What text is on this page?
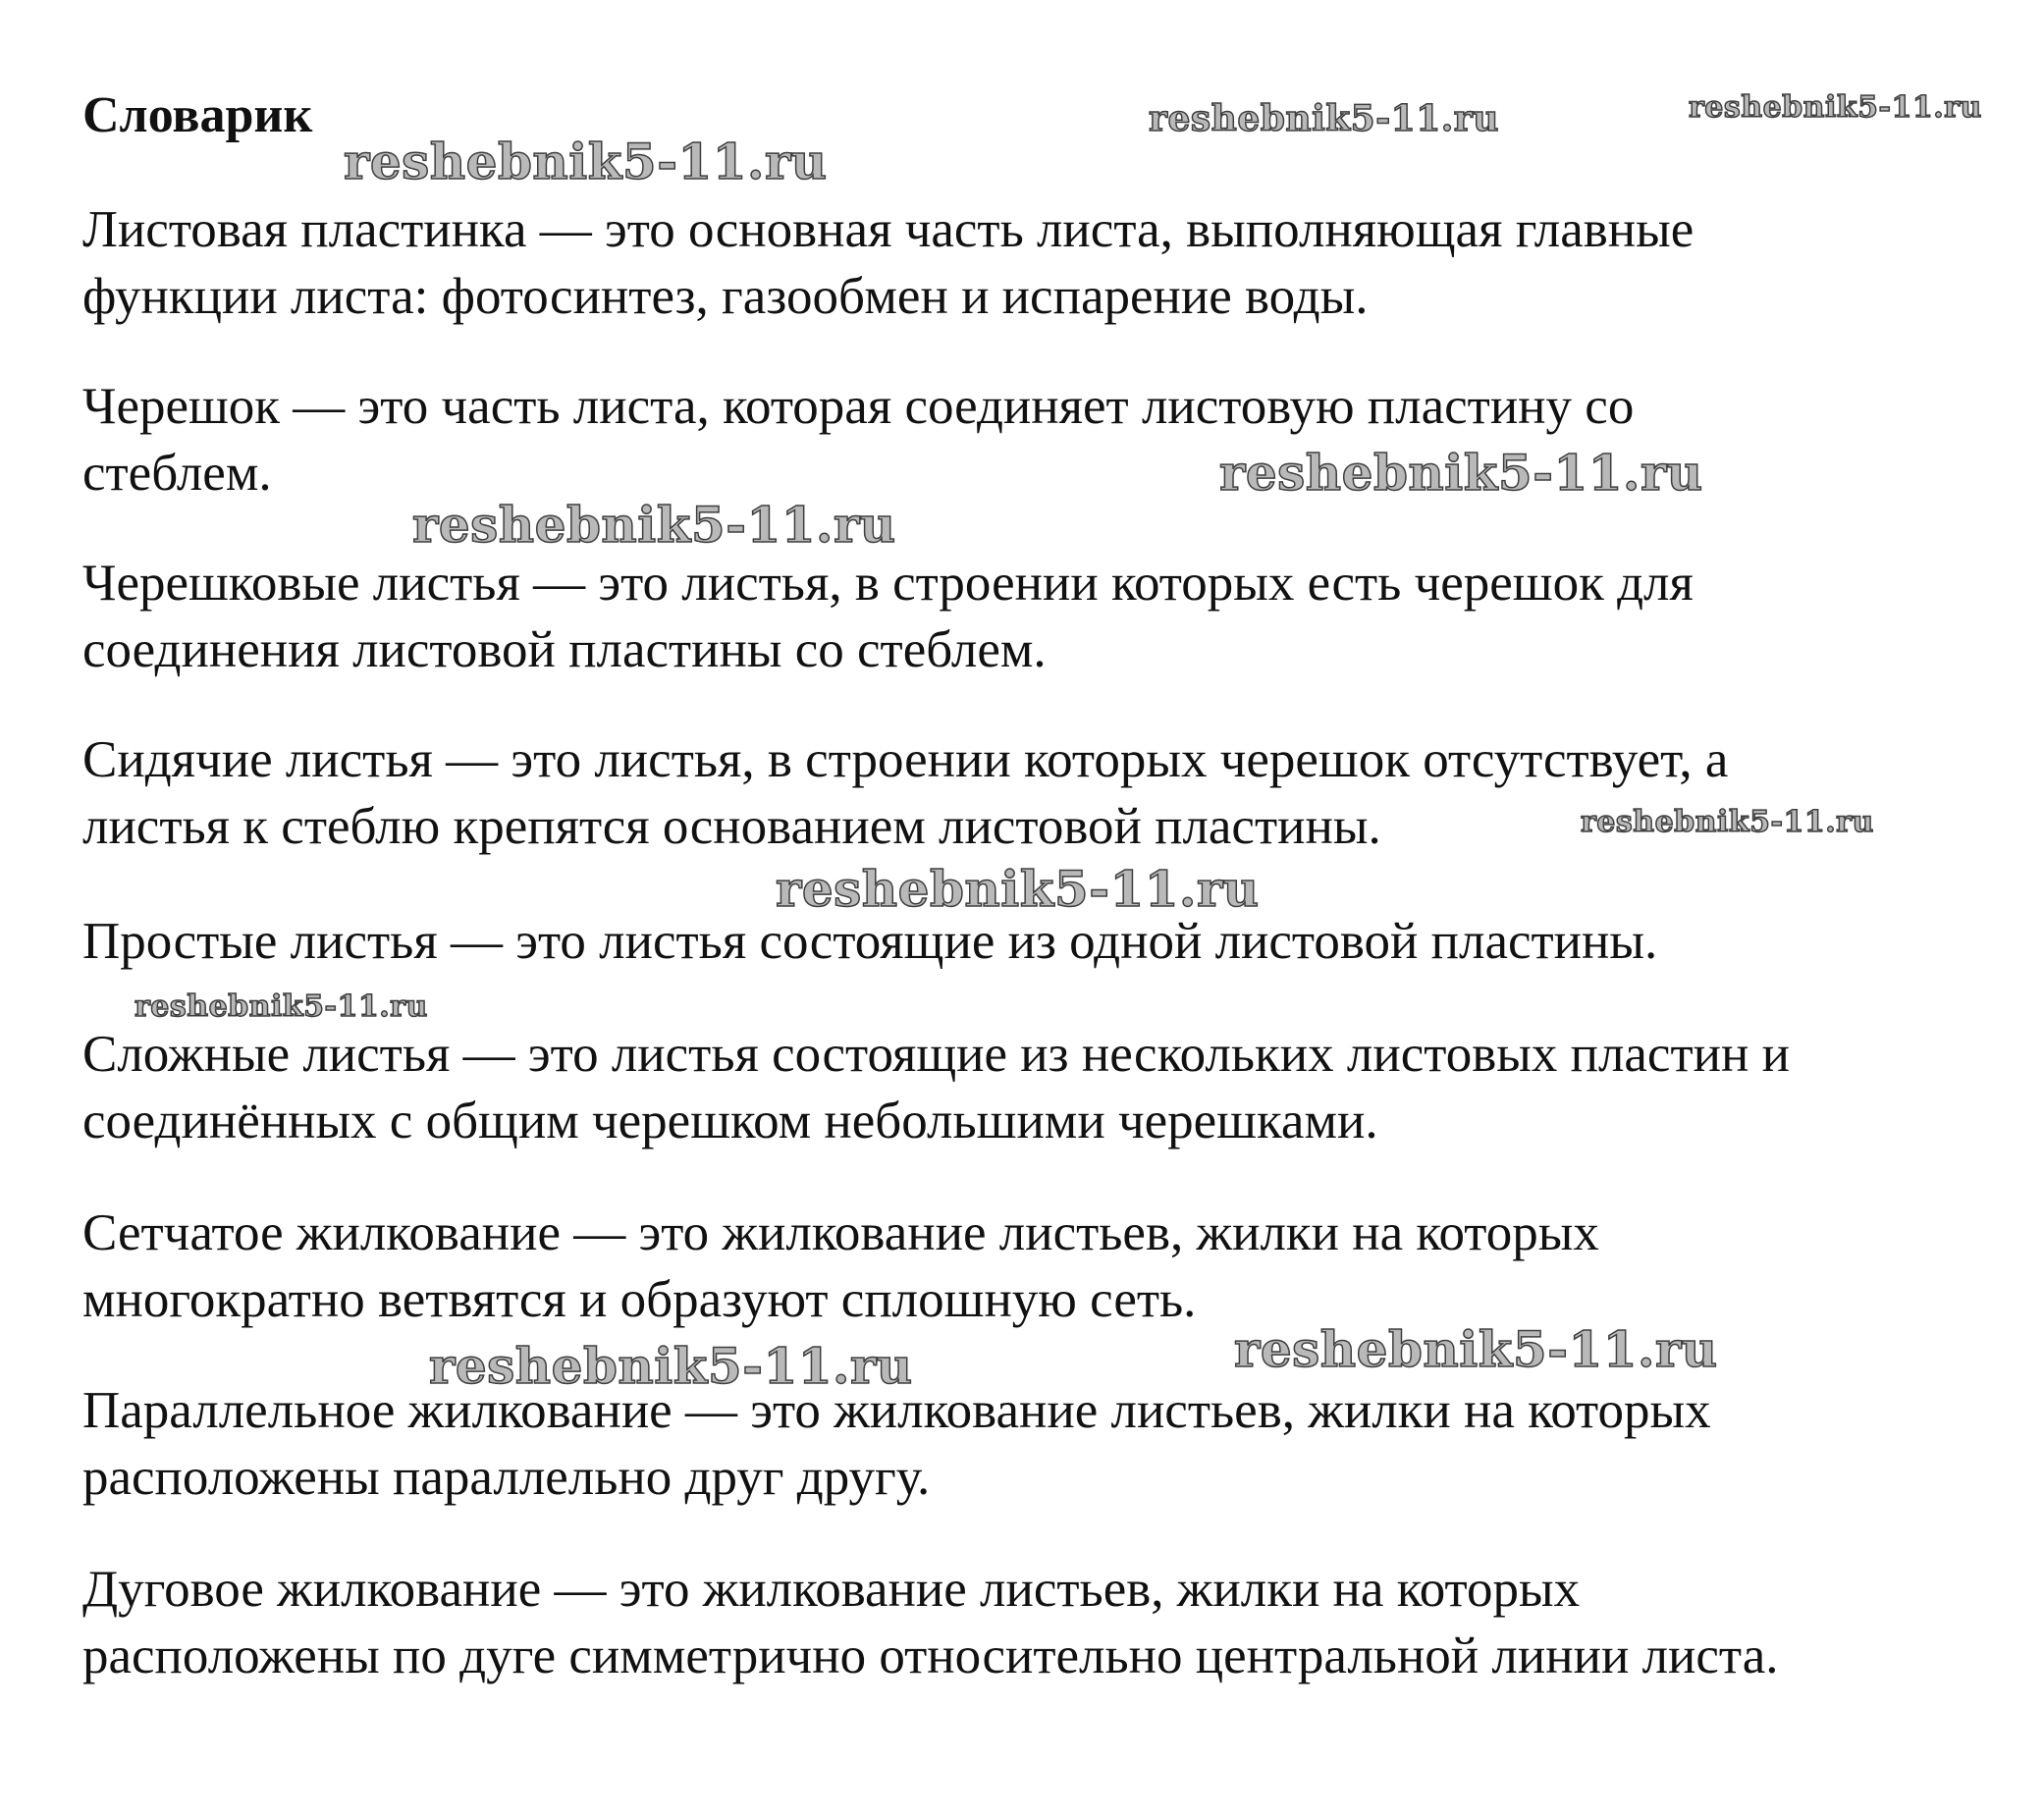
Словарик
reshebnik5-11.ru
reshebnik5-11.ru	reshebnik5-11.ru
reshebnik5-11.ru
reshebnik5-11.ru
reshebnik5-11.ru
reshebnik5-11.ru
reshebnik5-11.ru
reshebnik5-11.ru	reshebnik5-11.ru

Листовая пластинка — это основная часть листа, выполняющая главные
функции листа: фотосинтез, газообмен и испарение воды.

Черешок — это часть листа, которая соединяет листовую пластину со
стеблем.

Черешковые листья — это листья, в строении которых есть черешок для
соединения листовой пластины со стеблем.

Сидячие листья — это листья, в строении которых черешок отсутствует, а
листья к стеблю крепятся основанием листовой пластины.

Простые листья — это листья состоящие из одной листовой пластины.

Сложные листья — это листья состоящие из нескольких листовых пластин и
соединённых с общим черешком небольшими черешками.

Сетчатое жилкование — это жилкование листьев, жилки на которых
многократно ветвятся и образуют сплошную сеть.

Параллельное жилкование — это жилкование листьев, жилки на которых
расположены параллельно друг другу.

Дуговое жилкование — это жилкование листьев, жилки на которых
расположены по дуге симметрично относительно центральной линии листа.
